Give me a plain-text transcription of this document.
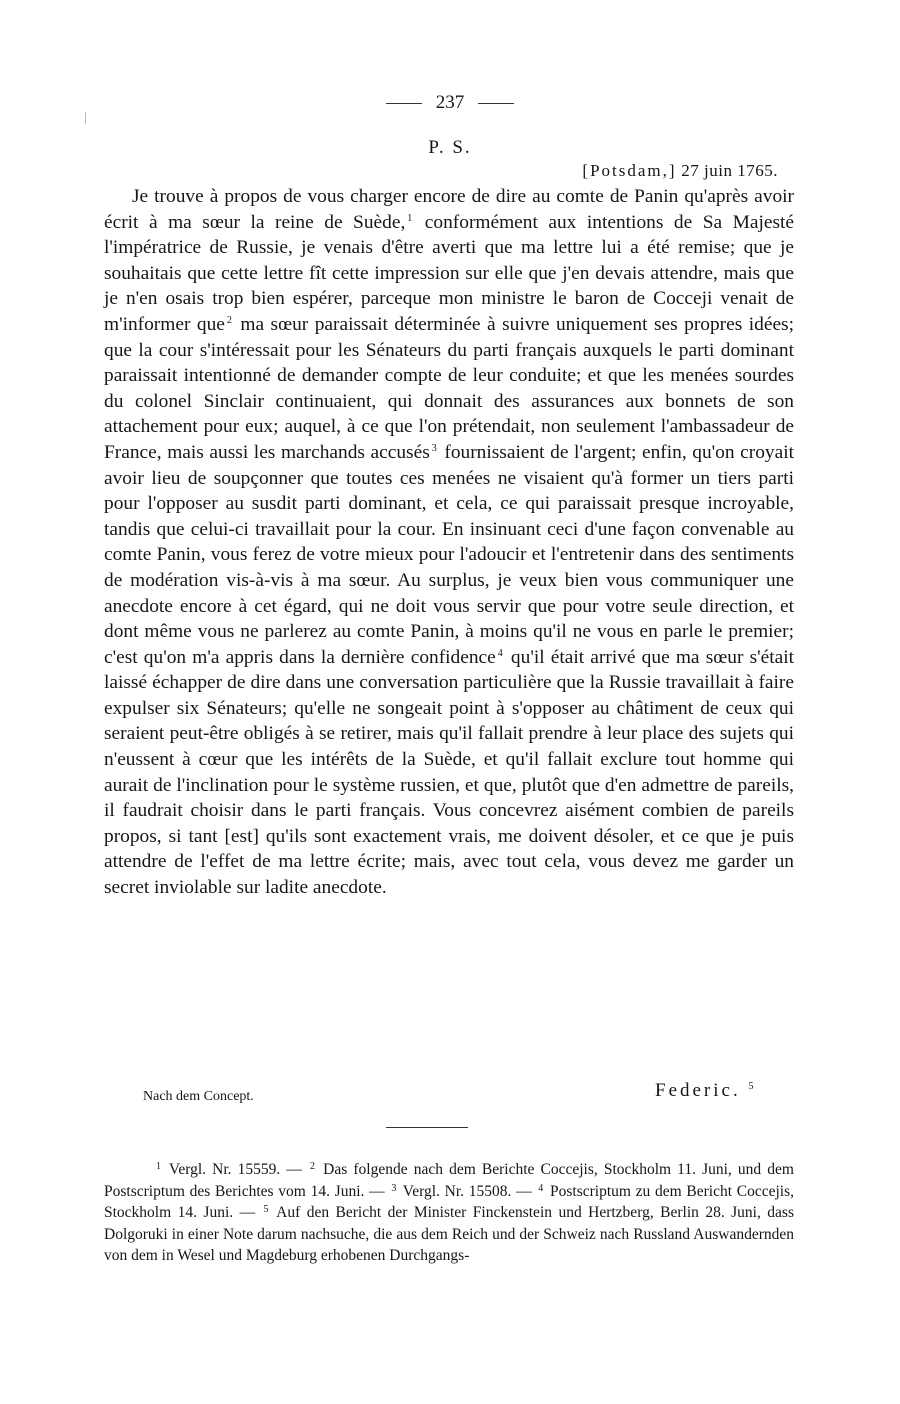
237
P. S.
[Potsdam,] 27 juin 1765.

Je trouve à propos de vous charger encore de dire au comte de Panin qu'après avoir écrit à ma sœur la reine de Suède, $^1$ conformément aux intentions de Sa Majesté l'impératrice de Russie, je venais d'être averti que ma lettre lui a été remise; que je souhaitais que cette lettre fît cette impression sur elle que j'en devais attendre, mais que je n'en osais trop bien espérer, parceque mon ministre le baron de Cocceji venait de m'informer que $^2$ ma sœur paraissait déterminée à suivre uniquement ses propres idées; que la cour s'intéressait pour les Sénateurs du parti français auxquels le parti dominant paraissait intentionné de demander compte de leur conduite; et que les menées sourdes du colonel Sinclair continuaient, qui donnait des assurances aux bonnets de son attachement pour eux; auquel, à ce que l'on prétendait, non seulement l'ambassadeur de France, mais aussi les marchands accusés $^3$ fournissaient de l'argent; enfin, qu'on croyait avoir lieu de soupçonner que toutes ces menées ne visaient qu'à former un tiers parti pour l'opposer au susdit parti dominant, et cela, ce qui paraissait presque incroyable, tandis que celui-ci travaillait pour la cour. En insinuant ceci d'une façon convenable au comte Panin, vous ferez de votre mieux pour l'adoucir et l'entretenir dans des sentiments de modération vis-à-vis à ma sœur. Au surplus, je veux bien vous communiquer une anecdote encore à cet égard, qui ne doit vous servir que pour votre seule direction, et dont même vous ne parlerez au comte Panin, à moins qu'il ne vous en parle le premier; c'est qu'on m'a appris dans la dernière confidence $^4$ qu'il était arrivé que ma sœur s'était laissé échapper de dire dans une conversation particulière que la Russie travaillait à faire expulser six Sénateurs; qu'elle ne songeait point à s'opposer au châtiment de ceux qui seraient peut-être obligés à se retirer, mais qu'il fallait prendre à leur place des sujets qui n'eussent à cœur que les intérêts de la Suède, et qu'il fallait exclure tout homme qui aurait de l'inclination pour le système russien, et que, plutôt que d'en admettre de pareils, il faudrait choisir dans le parti français. Vous concevrez aisément combien de pareils propos, si tant [est] qu'ils sont exactement vrais, me doivent désoler, et ce que je puis attendre de l'effet de ma lettre écrite; mais, avec tout cela, vous devez me garder un secret inviolable sur ladite anecdote.

Nach dem Concept.	Federic. $^5$

$^1$ Vergl. Nr. 15559. — $^2$ Das folgende nach dem Berichte Coccejis, Stockholm 11. Juni, und dem Postscriptum des Berichtes vom 14. Juni. — $^3$ Vergl. Nr. 15508. — $^4$ Postscriptum zu dem Bericht Coccejis, Stockholm 14. Juni. — $^5$ Auf den Bericht der Minister Finckenstein und Hertzberg, Berlin 28. Juni, dass Dolgoruki in einer Note darum nachsuche, die aus dem Reich und der Schweiz nach Russland Auswandernden von dem in Wesel und Magdeburg erhobenen Durchgangs-
